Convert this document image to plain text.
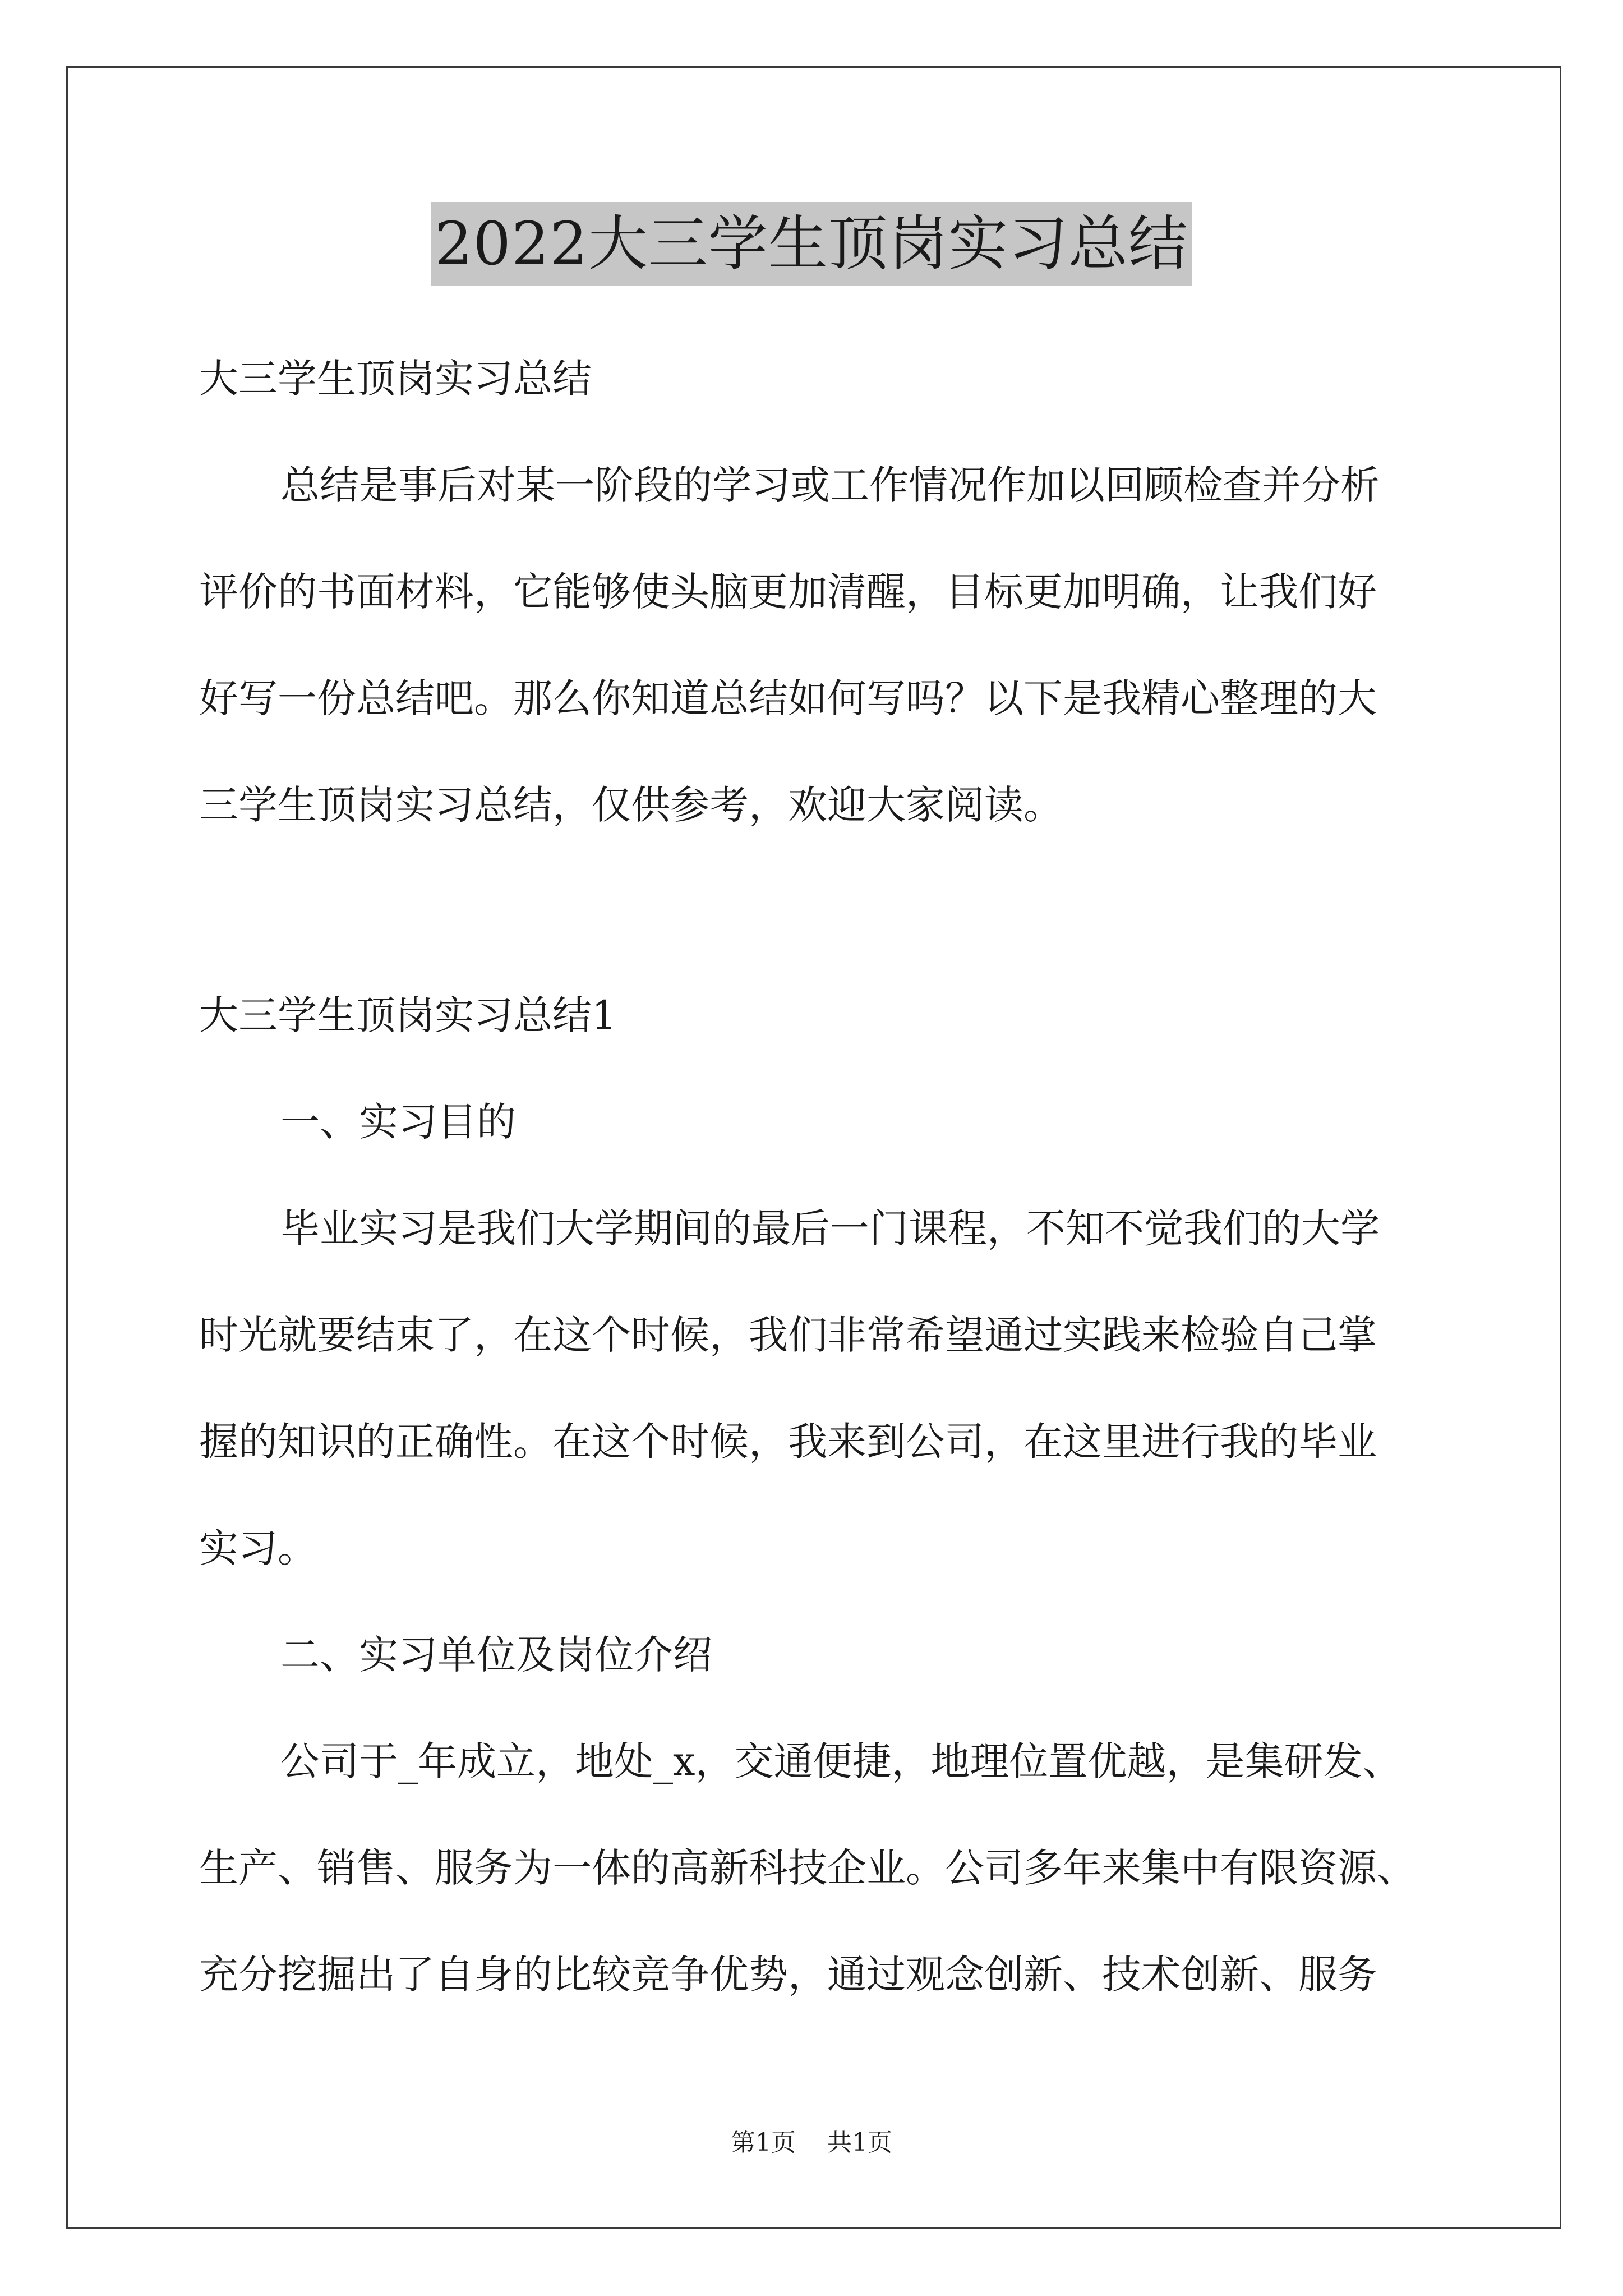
2022大三学生顶岗实习总结
大三学生顶岗实习总结
总结是事后对某一阶段的学习或工作情况作加以回顾检查并分析
评价的书面材料，它能够使头脑更加清醒，目标更加明确，让我们好
好写一份总结吧。那么你知道总结如何写吗？以下是我精心整理的大
三学生顶岗实习总结，仅供参考，欢迎大家阅读。
大三学生顶岗实习总结1
一、实习目的
毕业实习是我们大学期间的最后一门课程，不知不觉我们的大学
时光就要结束了，在这个时候，我们非常希望通过实践来检验自己掌
握的知识的正确性。在这个时候，我来到公司，在这里进行我的毕业
实习。
二、实习单位及岗位介绍
公司于_年成立，地处_x，交通便捷，地理位置优越，是集研发、
生产、销售、服务为一体的高新科技企业。公司多年来集中有限资源、
充分挖掘出了自身的比较竞争优势，通过观念创新、技术创新、服务
第1页 共1页
